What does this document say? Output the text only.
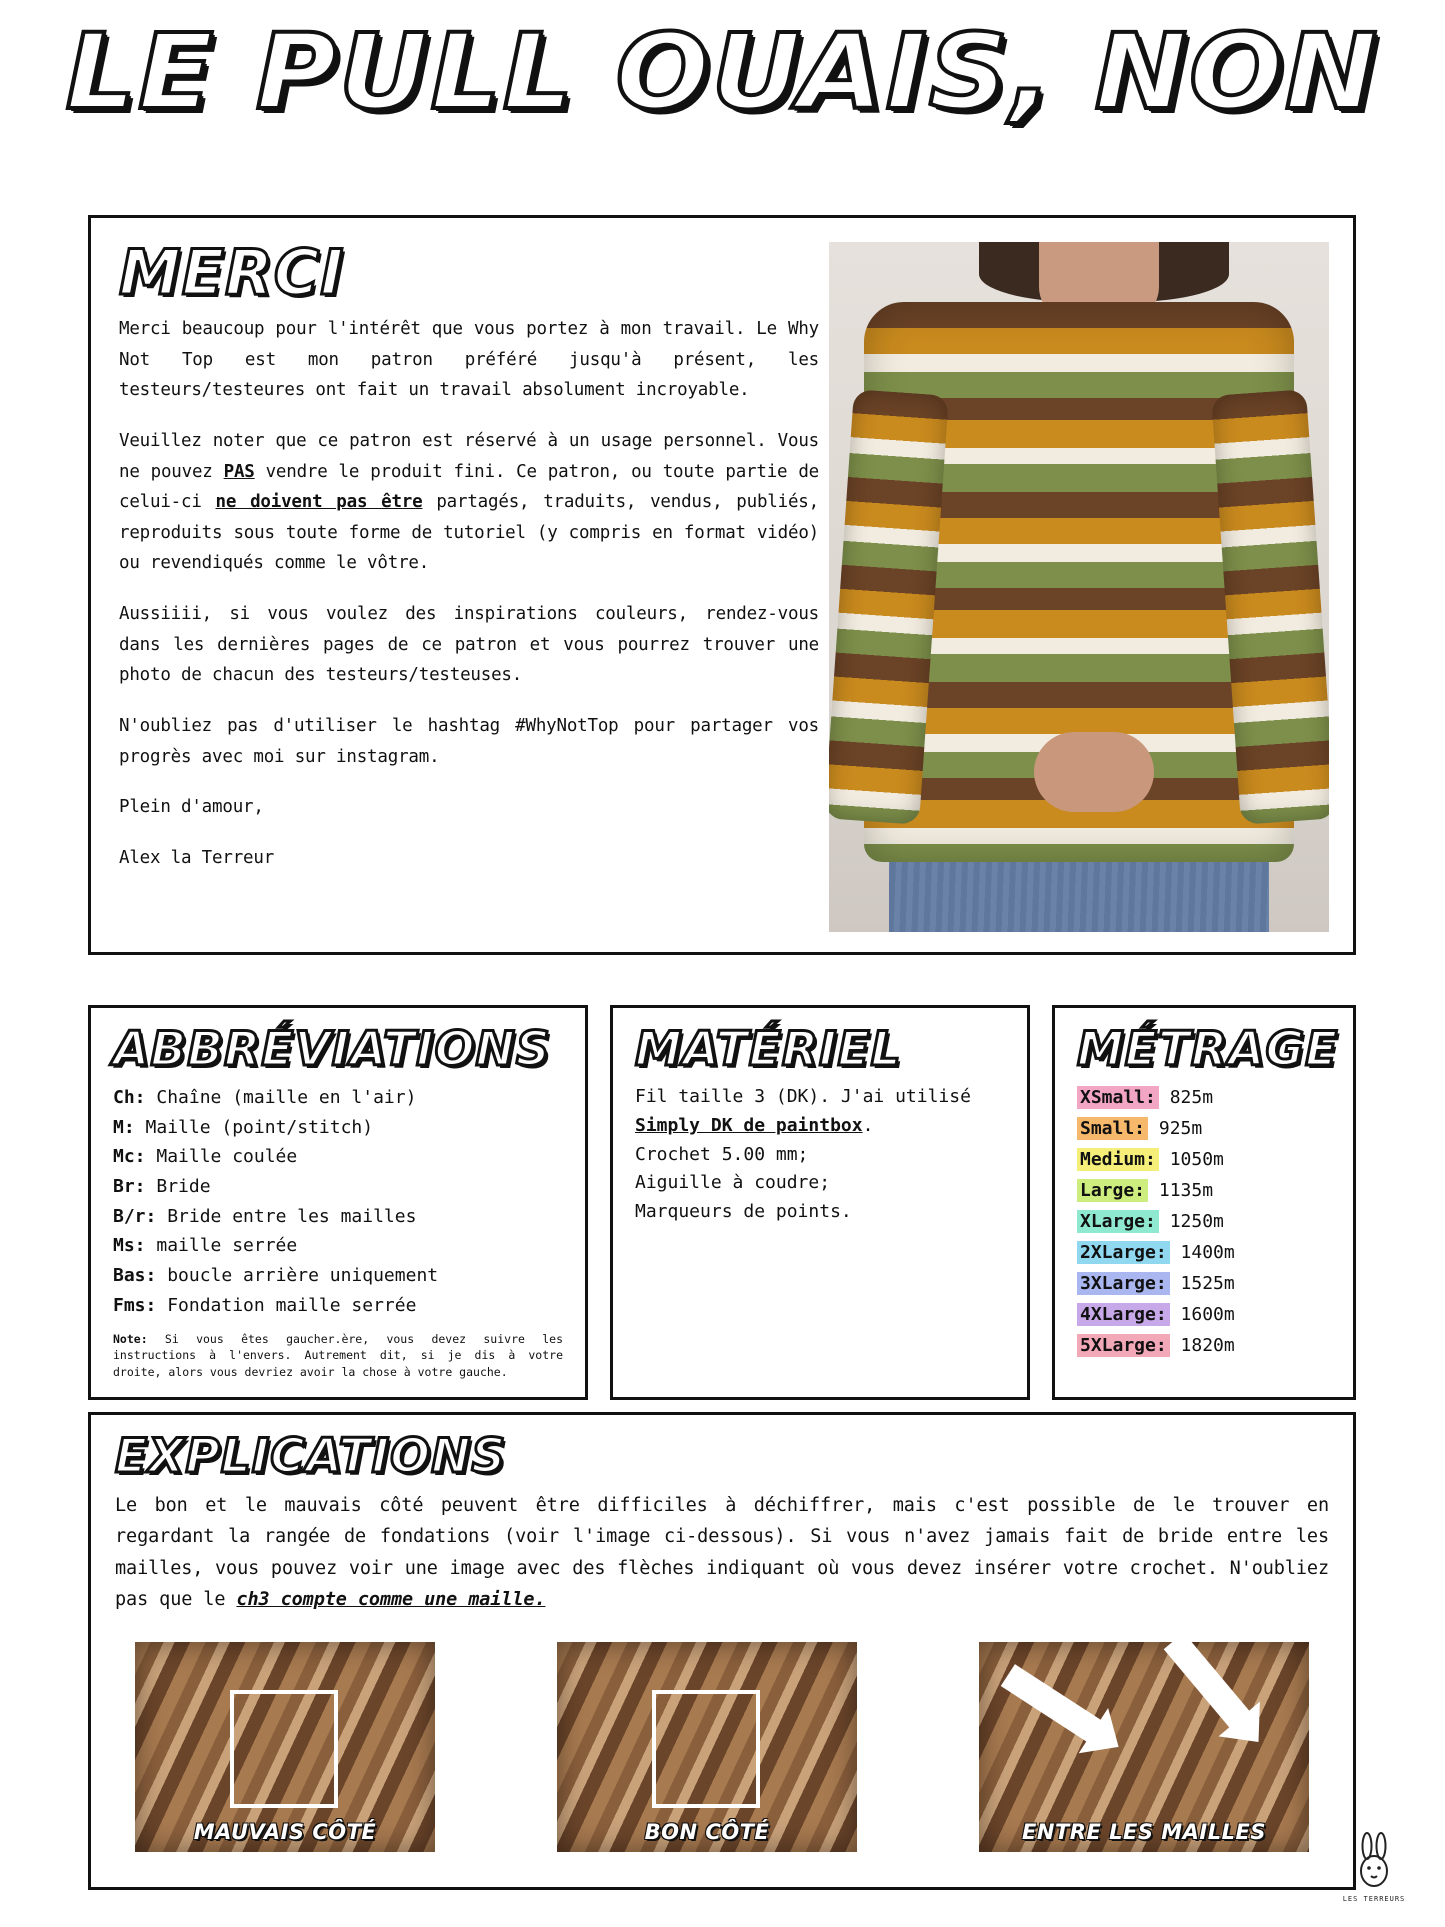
LE PULL OUAIS, NON
MERCI

Merci beaucoup pour l'intérêt que vous portez à mon travail. Le Why Not Top est mon patron préféré jusqu'à présent, les testeurs/testeures ont fait un travail absolument incroyable.

Veuillez noter que ce patron est réservé à un usage personnel. Vous ne pouvez PAS vendre le produit fini. Ce patron, ou toute partie de celui-ci ne doivent pas être partagés, traduits, vendus, publiés, reproduits sous toute forme de tutoriel (y compris en format vidéo) ou revendiqués comme le vôtre.

Aussiiii, si vous voulez des inspirations couleurs, rendez-vous dans les dernières pages de ce patron et vous pourrez trouver une photo de chacun des testeurs/testeuses.

N'oubliez pas d'utiliser le hashtag #WhyNotTop pour partager vos progrès avec moi sur instagram.

Plein d'amour,

Alex la Terreur

ABBRÉVIATIONS
Ch: Chaîne (maille en l'air)
M: Maille (point/stitch)
Mc: Maille coulée
Br: Bride
B/r: Bride entre les mailles
Ms: maille serrée
Bas: boucle arrière uniquement
Fms: Fondation maille serrée
Note: Si vous êtes gaucher.ère, vous devez suivre les instructions à l'envers. Autrement dit, si je dis à votre droite, alors vous devriez avoir la chose à votre gauche.
MATÉRIEL
Fil taille 3 (DK). J'ai utilisé Simply DK de paintbox.
Crochet 5.00 mm;
Aiguille à coudre;
Marqueurs de points.
MÉTRAGE
XSmall: 825m
Small: 925m
Medium: 1050m
Large: 1135m
XLarge: 1250m
2XLarge: 1400m
3XLarge: 1525m
4XLarge: 1600m
5XLarge: 1820m
EXPLICATIONS
Le bon et le mauvais côté peuvent être difficiles à déchiffrer, mais c'est possible de le trouver en regardant la rangée de fondations (voir l'image ci-dessous). Si vous n'avez jamais fait de bride entre les mailles, vous pouvez voir une image avec des flèches indiquant où vous devez insérer votre crochet. N'oubliez pas que le ch3 compte comme une maille.
MAUVAIS CÔTÉ	BON CÔTÉ	ENTRE LES MAILLES
LES TERREURS
